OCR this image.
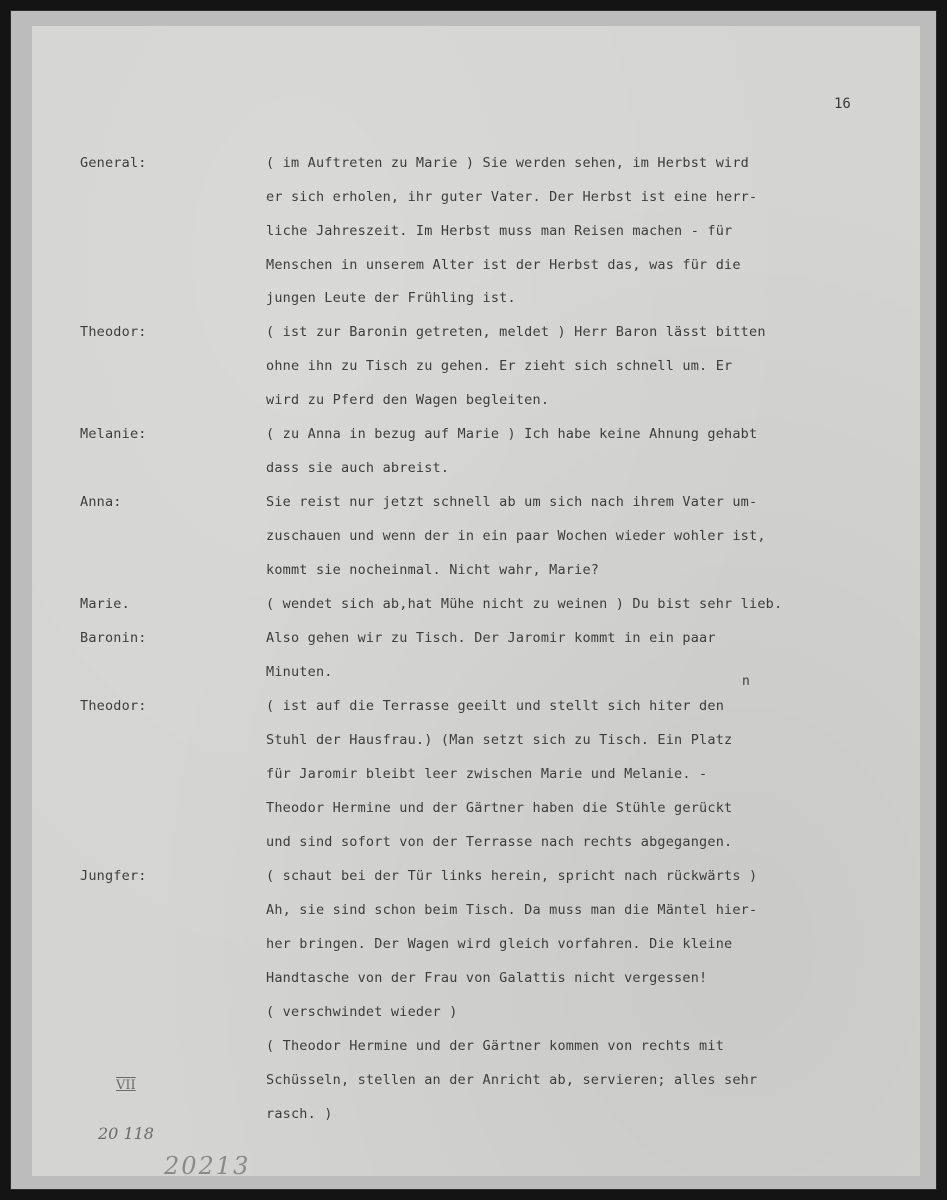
16
General:	( im Auftreten zu Marie ) Sie werden sehen, im Herbst wird
er sich erholen, ihr guter Vater. Der Herbst ist eine herr-
liche Jahreszeit. Im Herbst muss man Reisen machen - für
Menschen in unserem Alter ist der Herbst das, was für die
jungen Leute der Frühling ist.
Theodor:	( ist zur Baronin getreten, meldet ) Herr Baron lässt bitten
ohne ihn zu Tisch zu gehen. Er zieht sich schnell um. Er
wird zu Pferd den Wagen begleiten.
Melanie:	( zu Anna in bezug auf Marie ) Ich habe keine Ahnung gehabt
dass sie auch abreist.
Anna:	Sie reist nur jetzt schnell ab um sich nach ihrem Vater um-
zuschauen und wenn der in ein paar Wochen wieder wohler ist,
kommt sie nocheinmal. Nicht wahr, Marie?
Marie.	( wendet sich ab,hat Mühe nicht zu weinen ) Du bist sehr lieb.
Baronin:	Also gehen wir zu Tisch. Der Jaromir kommt in ein paar
Minuten.
Theodor:	( ist auf die Terrasse geeilt und stellt sich hiter den
Stuhl der Hausfrau.) (Man setzt sich zu Tisch. Ein Platz
für Jaromir bleibt leer zwischen Marie und Melanie. -
Theodor Hermine und der Gärtner haben die Stühle gerückt
und sind sofort von der Terrasse nach rechts abgegangen.
Jungfer:	( schaut bei der Tür links herein, spricht nach rückwärts )
Ah, sie sind schon beim Tisch. Da muss man die Mäntel hier-
her bringen. Der Wagen wird gleich vorfahren. Die kleine
Handtasche von der Frau von Galattis nicht vergessen!
( verschwindet wieder )
( Theodor Hermine und der Gärtner kommen von rechts mit
Schüsseln, stellen an der Anricht ab, servieren; alles sehr
rasch. )
n
VII
20 118
20213
